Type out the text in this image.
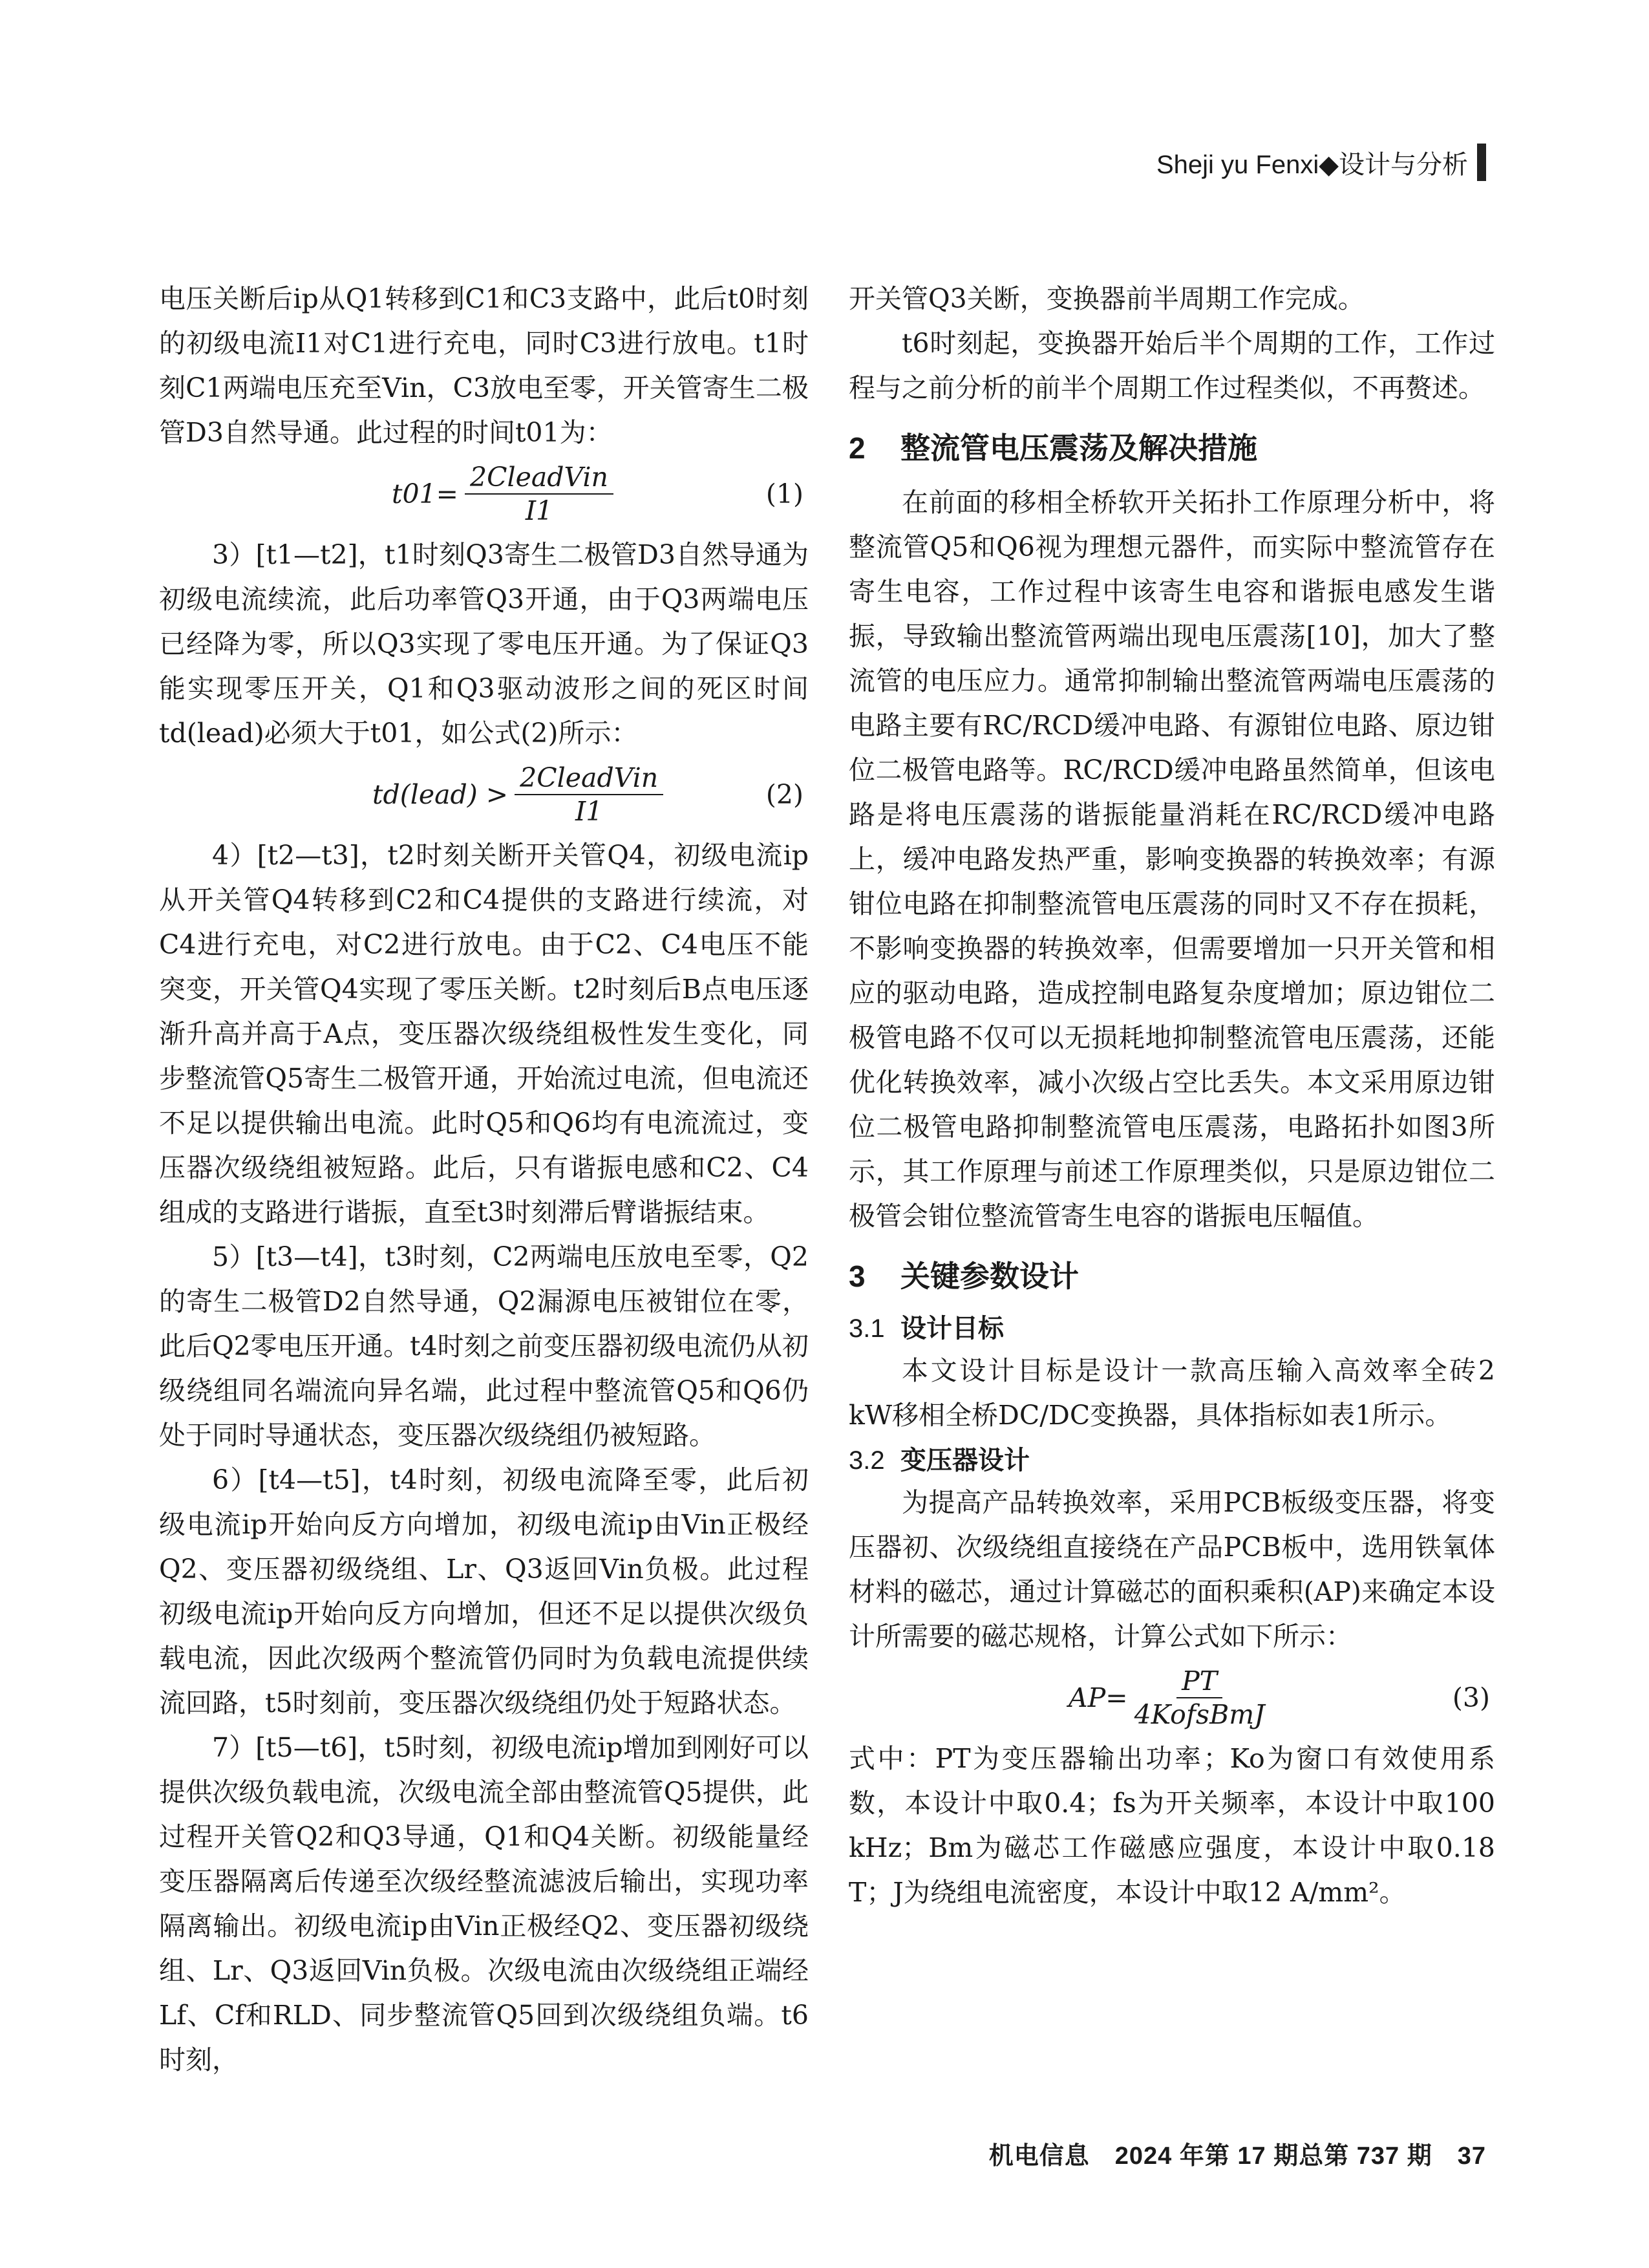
Sheji yu Fenxi◆设计与分析

电压关断后ip从Q1转移到C1和C3支路中，此后t0时刻的初级电流I1对C1进行充电，同时C3进行放电。t1时刻C1两端电压充至Vin，C3放电至零，开关管寄生二极管D3自然导通。此过程的时间t01为：

$t01= \frac{\text{2CleadVin}}{I1}$	(1)

3）[t1—t2]，t1时刻Q3寄生二极管D3自然导通为初级电流续流，此后功率管Q3开通，由于Q3两端电压已经降为零，所以Q3实现了零电压开通。为了保证Q3能实现零压开关，Q1和Q3驱动波形之间的死区时间td(lead)必须大于t01，如公式(2)所示：

td(lead) > $\frac{\text{2CleadVin}}{I1}$	(2)

4）[t2—t3]，t2时刻关断开关管Q4，初级电流ip从开关管Q4转移到C2和C4提供的支路进行续流，对C4进行充电，对C2进行放电。由于C2、C4电压不能突变，开关管Q4实现了零压关断。t2时刻后B点电压逐渐升高并高于A点，变压器次级绕组极性发生变化，同步整流管Q5寄生二极管开通，开始流过电流，但电流还不足以提供输出电流。此时Q5和Q6均有电流流过，变压器次级绕组被短路。此后，只有谐振电感和C2、C4组成的支路进行谐振，直至t3时刻滞后臂谐振结束。

5）[t3—t4]，t3时刻，C2两端电压放电至零，Q2的寄生二极管D2自然导通，Q2漏源电压被钳位在零，此后Q2零电压开通。t4时刻之前变压器初级电流仍从初级绕组同名端流向异名端，此过程中整流管Q5和Q6仍处于同时导通状态，变压器次级绕组仍被短路。

6）[t4—t5]，t4时刻，初级电流降至零，此后初级电流ip开始向反方向增加，初级电流ip由Vin正极经Q2、变压器初级绕组、Lr、Q3返回Vin负极。此过程初级电流ip开始向反方向增加，但还不足以提供次级负载电流，因此次级两个整流管仍同时为负载电流提供续流回路，t5时刻前，变压器次级绕组仍处于短路状态。

7）[t5—t6]，t5时刻，初级电流ip增加到刚好可以提供次级负载电流，次级电流全部由整流管Q5提供，此过程开关管Q2和Q3导通，Q1和Q4关断。初级能量经变压器隔离后传递至次级经整流滤波后输出，实现功率隔离输出。初级电流ip由Vin正极经Q2、变压器初级绕组、Lr、Q3返回Vin负极。次级电流由次级绕组正端经Lf、Cf和RLD、同步整流管Q5回到次级绕组负端。t6时刻，

开关管Q3关断，变换器前半周期工作完成。

t6时刻起，变换器开始后半个周期的工作，工作过程与之前分析的前半个周期工作过程类似，不再赘述。

2 整流管电压震荡及解决措施

在前面的移相全桥软开关拓扑工作原理分析中，将整流管Q5和Q6视为理想元器件，而实际中整流管存在寄生电容，工作过程中该寄生电容和谐振电感发生谐振，导致输出整流管两端出现电压震荡[10]，加大了整流管的电压应力。通常抑制输出整流管两端电压震荡的电路主要有RC/RCD缓冲电路、有源钳位电路、原边钳位二极管电路等。RC/RCD缓冲电路虽然简单，但该电路是将电压震荡的谐振能量消耗在RC/RCD缓冲电路上，缓冲电路发热严重，影响变换器的转换效率；有源钳位电路在抑制整流管电压震荡的同时又不存在损耗，不影响变换器的转换效率，但需要增加一只开关管和相应的驱动电路，造成控制电路复杂度增加；原边钳位二极管电路不仅可以无损耗地抑制整流管电压震荡，还能优化转换效率，减小次级占空比丢失。本文采用原边钳位二极管电路抑制整流管电压震荡，电路拓扑如图3所示，其工作原理与前述工作原理类似，只是原边钳位二极管会钳位整流管寄生电容的谐振电压幅值。

3 关键参数设计
3.1 设计目标

本文设计目标是设计一款高压输入高效率全砖2 kW移相全桥DC/DC变换器，具体指标如表1所示。

3.2 变压器设计

为提高产品转换效率，采用PCB板级变压器，将变压器初、次级绕组直接绕在产品PCB板中，选用铁氧体材料的磁芯，通过计算磁芯的面积乘积(AP)来确定本设计所需要的磁芯规格，计算公式如下所示：

$AP= \frac{PT}{\text{4KofsBmJ}}$	(3)

式中：PT为变压器输出功率；Ko为窗口有效使用系数，本设计中取0.4；fs为开关频率，本设计中取100 kHz；Bm为磁芯工作磁感应强度，本设计中取0.18 T；J为绕组电流密度，本设计中取12 A/mm²。

机电信息　2024 年第 17 期总第 737 期　37
